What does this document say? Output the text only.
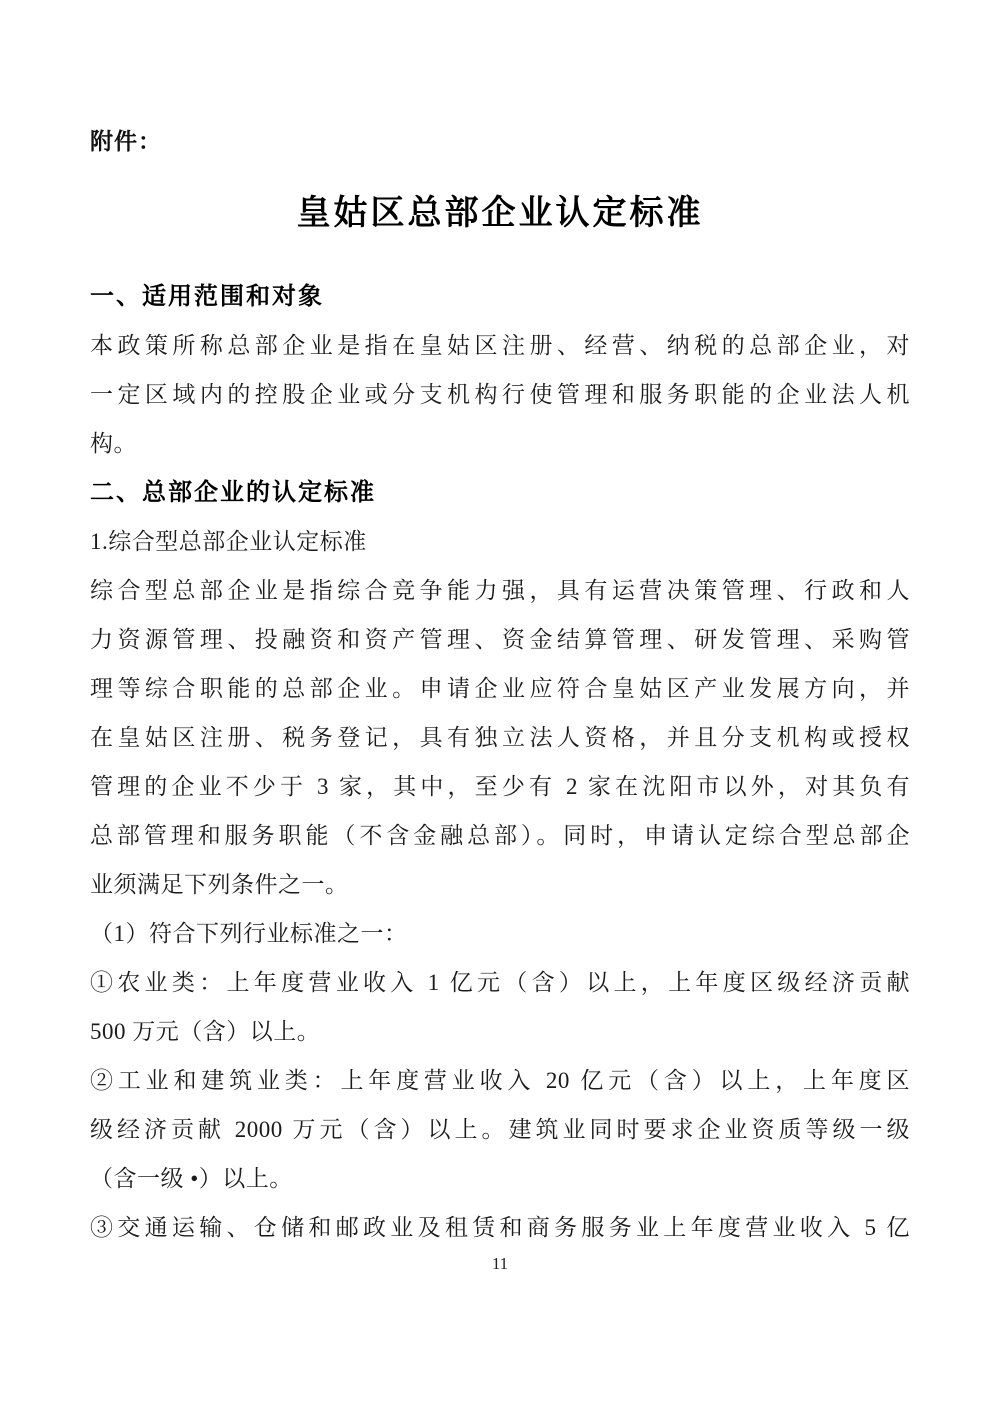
附件：
皇姑区总部企业认定标准
一、适用范围和对象
本政策所称总部企业是指在皇姑区注册、经营、纳税的总部企业，对
一定区域内的控股企业或分支机构行使管理和服务职能的企业法人机
构。
二、总部企业的认定标准
1.综合型总部企业认定标准
综合型总部企业是指综合竞争能力强，具有运营决策管理、行政和人
力资源管理、投融资和资产管理、资金结算管理、研发管理、采购管
理等综合职能的总部企业。申请企业应符合皇姑区产业发展方向，并
在皇姑区注册、税务登记，具有独立法人资格，并且分支机构或授权
管理的企业不少于 3 家，其中，至少有 2 家在沈阳市以外，对其负有
总部管理和服务职能（不含金融总部）。同时，申请认定综合型总部企
业须满足下列条件之一。
（1）符合下列行业标准之一：
①农业类：上年度营业收入 1 亿元（含）以上，上年度区级经济贡献
500 万元（含）以上。
②工业和建筑业类：上年度营业收入 20 亿元（含）以上，上年度区
级经济贡献 2000 万元（含）以上。建筑业同时要求企业资质等级一级
（含一级 •）以上。
③交通运输、仓储和邮政业及租赁和商务服务业上年度营业收入 5 亿
11
